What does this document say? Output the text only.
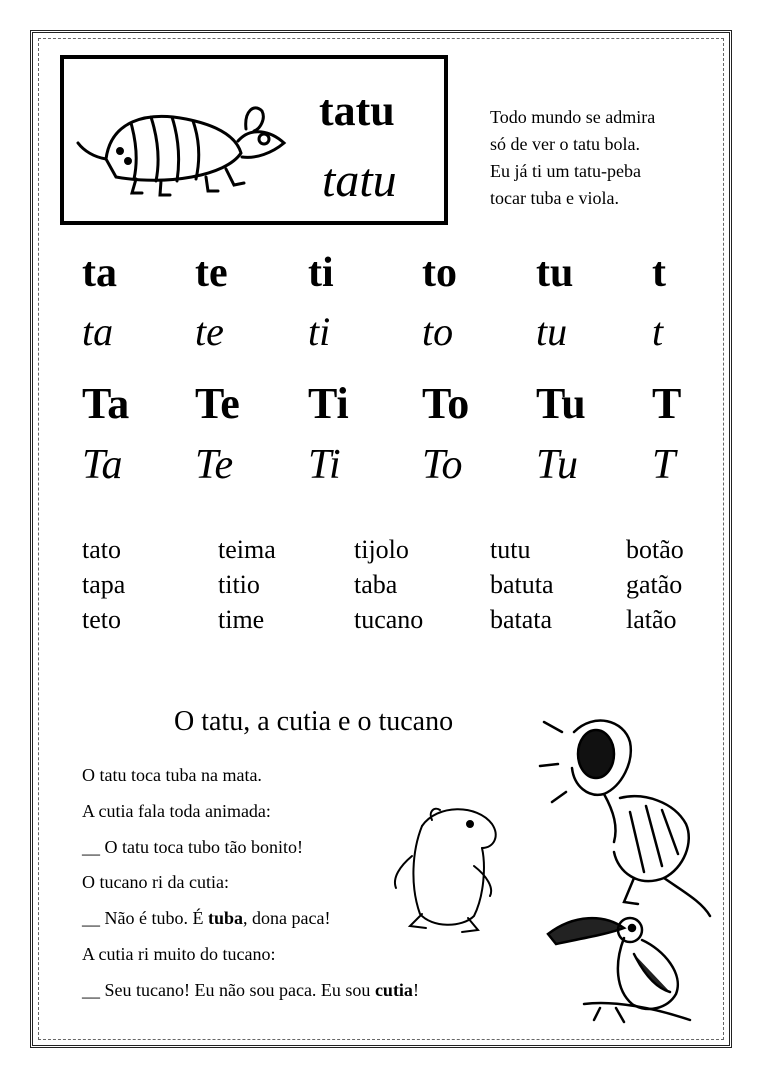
tatu
tatu
Todo mundo se admira
só de ver o tatu bola.
Eu já ti um tatu-peba
tocar tuba e viola.
ta te ti to tu t
ta te ti to tu t
Ta Te Ti To Tu T
Ta Te Ti To Tu T
tato
tapa
teto
teima
titio
time
tijolo
taba
tucano
tutu
batuta
batata
botão
gatão
latão
O tatu, a cutia e o tucano
O tatu toca tuba na mata.
A cutia fala toda animada:
__ O tatu toca tubo tão bonito!
O tucano ri da cutia:
__ Não é tubo. É tuba, dona paca!
A cutia ri muito do tucano:
__ Seu tucano! Eu não sou paca. Eu sou cutia!
